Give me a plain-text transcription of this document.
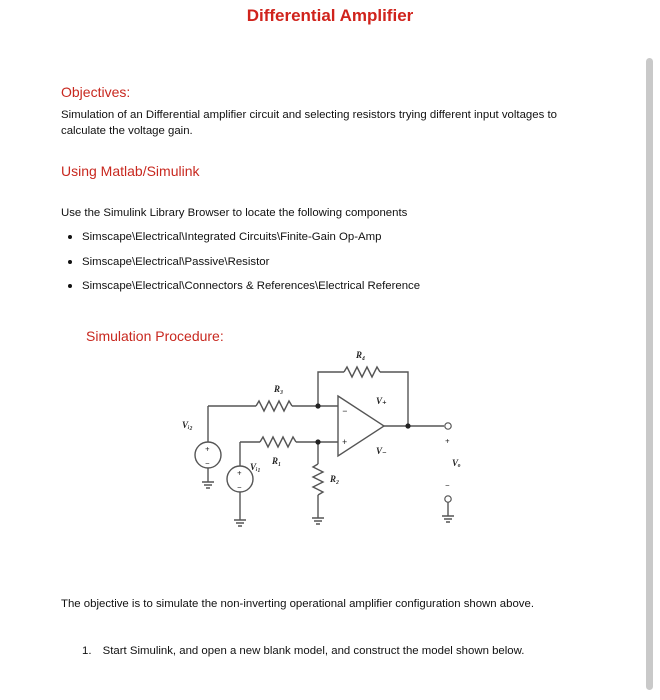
Differential Amplifier
Objectives:
Simulation of an Differential amplifier circuit and selecting resistors trying different input voltages to
calculate the voltage gain.
Using Matlab/Simulink
Use the Simulink Library Browser to locate the following components
Simscape\Electrical\Integrated Circuits\Finite-Gain Op-Amp
Simscape\Electrical\Passive\Resistor
Simscape\Electrical\Connectors & References\Electrical Reference
Simulation Procedure:
R₄
R₃
R₁
R₂
Vᵢ₂
Vᵢ₁
V₊
V₋
Vₒ
−
+
+
−
+
−
+
−
The objective is to simulate the non-inverting operational amplifier configuration shown above.
1. Start Simulink, and open a new blank model, and construct the model shown below.
